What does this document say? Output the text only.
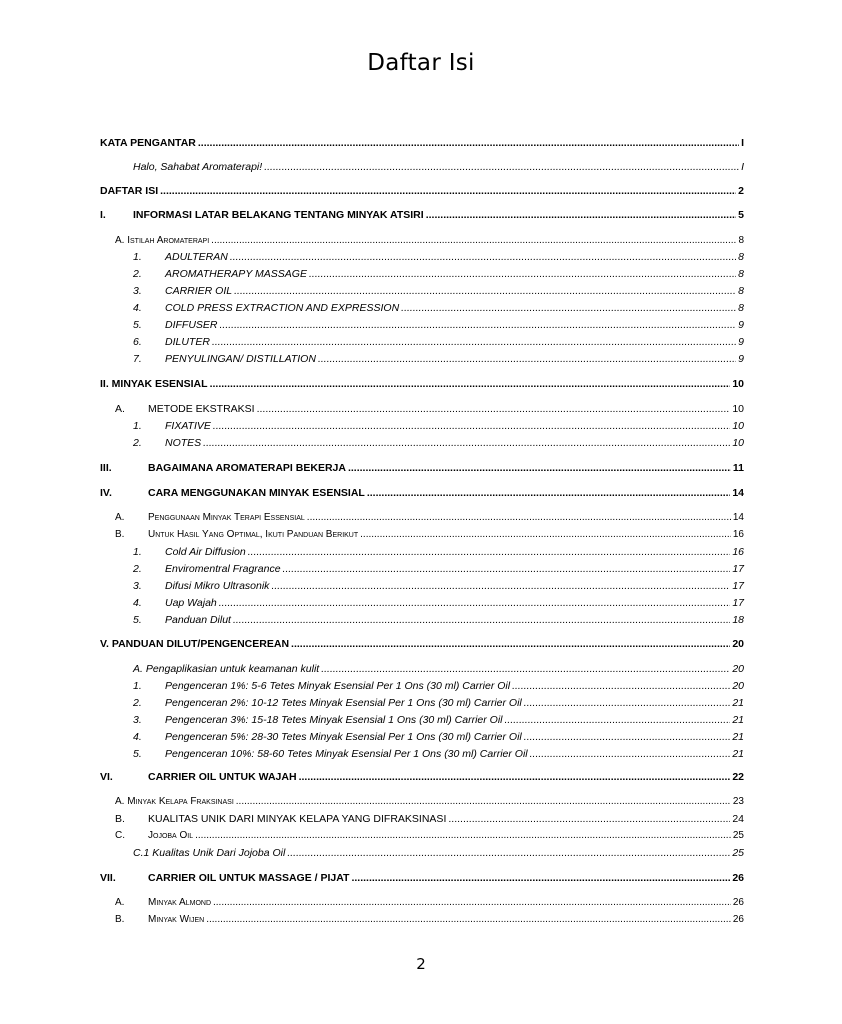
Daftar Isi
KATA PENGANTAR .....	I
Halo, Sahabat Aromaterapi! .....	I
DAFTAR ISI .....	2
I.	INFORMASI LATAR BELAKANG TENTANG MINYAK ATSIRI .....	5
A. Istilah Aromaterapi .....	8
1.	ADULTERAN .....	8
2.	AROMATHERAPY MASSAGE .....	8
3.	CARRIER OIL .....	8
4.	COLD PRESS EXTRACTION AND EXPRESSION .....	8
5.	DIFFUSER .....	9
6.	DILUTER .....	9
7.	PENYULINGAN/ DISTILLATION .....	9
II. MINYAK ESENSIAL .....	10
A.	METODE EKSTRAKSI .....	10
1.	FIXATIVE .....	10
2.	NOTES .....	10
III.	BAGAIMANA AROMATERAPI BEKERJA .....	11
IV.	CARA MENGGUNAKAN MINYAK ESENSIAL .....	14
A.	Penggunaan Minyak Terapi Essensial .....	14
B.	Untuk Hasil Yang Optimal, Ikuti Panduan Berikut .....	16
1.	Cold Air Diffusion .....	16
2.	Enviromentral Fragrance .....	17
3.	Difusi Mikro Ultrasonik .....	17
4.	Uap Wajah .....	17
5.	Panduan Dilut .....	18
V. PANDUAN DILUT/PENGENCEREAN .....	20
A. Pengaplikasian untuk keamanan kulit .....	20
1.	Pengenceran 1%: 5-6 Tetes Minyak Esensial Per 1 Ons (30 ml) Carrier Oil .....	20
2.	Pengenceran 2%: 10-12 Tetes Minyak Esensial Per 1 Ons (30 ml) Carrier Oil .....	21
3.	Pengenceran 3%: 15-18 Tetes Minyak Esensial 1 Ons (30 ml) Carrier Oil .....	21
4.	Pengenceran 5%: 28-30 Tetes Minyak Esensial Per 1 Ons (30 ml) Carrier Oil .....	21
5.	Pengenceran 10%: 58-60 Tetes Minyak Esensial Per 1 Ons (30 ml) Carrier Oil .....	21
VI.	CARRIER OIL UNTUK WAJAH .....	22
A. Minyak Kelapa Fraksinasi .....	23
B.	KUALITAS UNIK DARI MINYAK KELAPA YANG DIFRAKSINASI .....	24
C.	Jojoba Oil .....	25
C.1 Kualitas Unik Dari Jojoba Oil .....	25
VII.	CARRIER OIL UNTUK MASSAGE / PIJAT .....	26
A.	Minyak Almond .....	26
B.	Minyak Wijen .....	26
2
